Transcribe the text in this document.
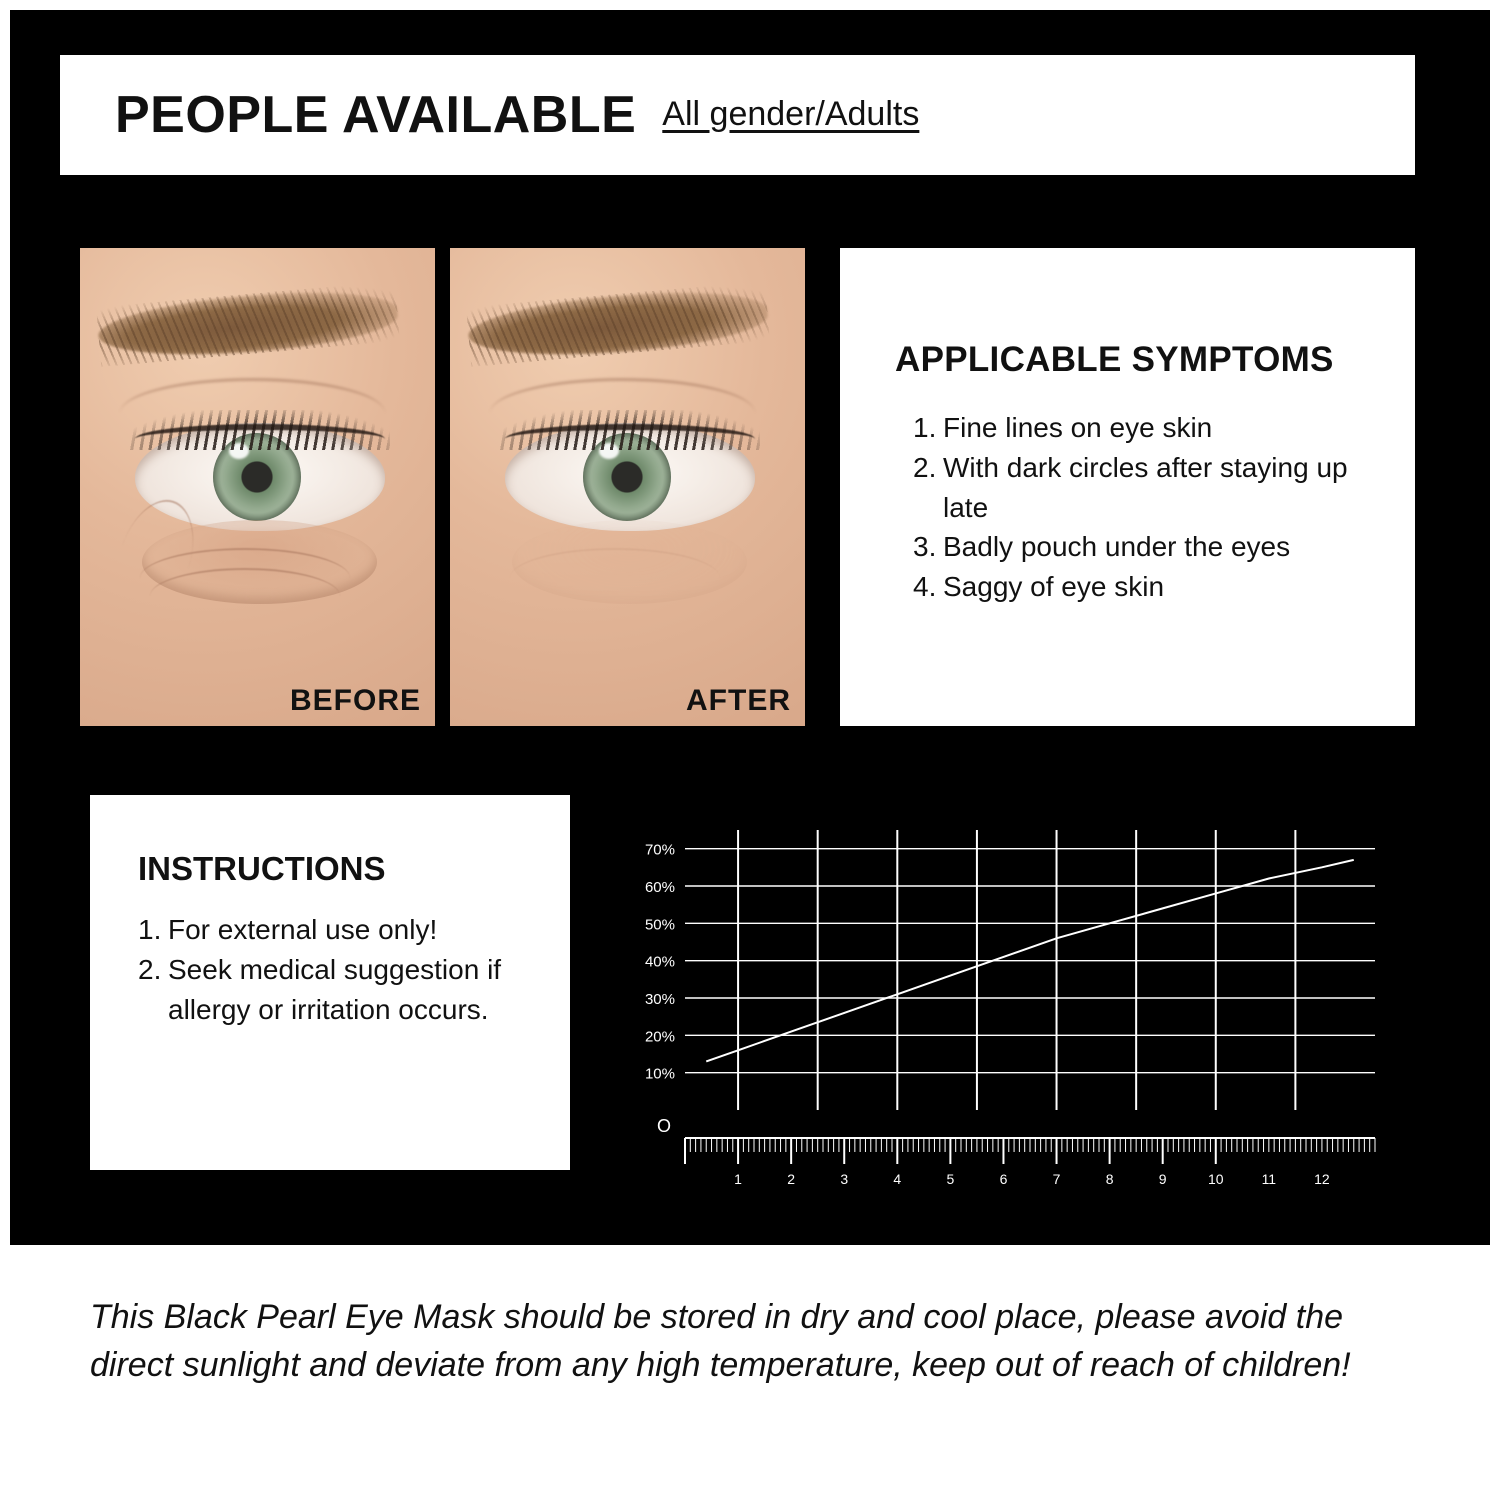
PEOPLE AVAILABLE All gender/Adults
BEFORE	AFTER
APPLICABLE SYMPTOMS
1. Fine lines on eye skin
2. With dark circles after staying up late
3. Badly pouch under the eyes
4. Saggy of eye skin
INSTRUCTIONS
1. For external use only!
2. Seek medical suggestion if allergy or irritation occurs.
10%
20%
30%
40%
50%
60%
70%
O
1	2	3	4	5	6	7	8	9	10	11	12
This Black Pearl Eye Mask should be stored in dry and cool place, please avoid the direct sunlight and deviate from any high temperature, keep out of reach of children!
